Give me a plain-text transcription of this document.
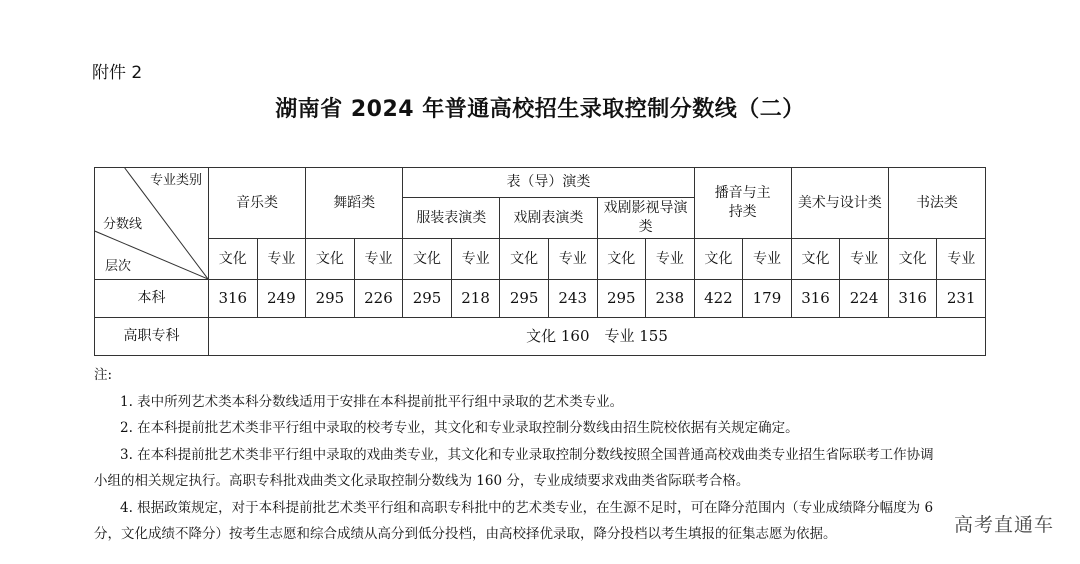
附件 2
湖南省 2024 年普通高校招生录取控制分数线（二）
专业类别
分数线
层次	音乐类		舞蹈类		表（导）演类						播音与主持类		美术与设计类		书法类	
					服装表演类		戏剧表演类		戏剧影视导演类							

	文化	专业	文化	专业	文化	专业	文化	专业	文化	专业	文化	专业	文化	专业	文化	专业
本科	316	249	295	226	295	218	295	243	295	238	422	179	316	224	316	231
高职专科	文化 160　专业 155															

注:

1. 表中所列艺术类本科分数线适用于安排在本科提前批平行组中录取的艺术类专业。

2. 在本科提前批艺术类非平行组中录取的校考专业，其文化和专业录取控制分数线由招生院校依据有关规定确定。

3. 在本科提前批艺术类非平行组中录取的戏曲类专业，其文化和专业录取控制分数线按照全国普通高校戏曲类专业招生省际联考工作协调

小组的相关规定执行。高职专科批戏曲类文化录取控制分数线为 160 分，专业成绩要求戏曲类省际联考合格。

4. 根据政策规定，对于本科提前批艺术类平行组和高职专科批中的艺术类专业，在生源不足时，可在降分范围内（专业成绩降分幅度为 6

分，文化成绩不降分）按考生志愿和综合成绩从高分到低分投档，由高校择优录取，降分投档以考生填报的征集志愿为依据。	高考直通车
